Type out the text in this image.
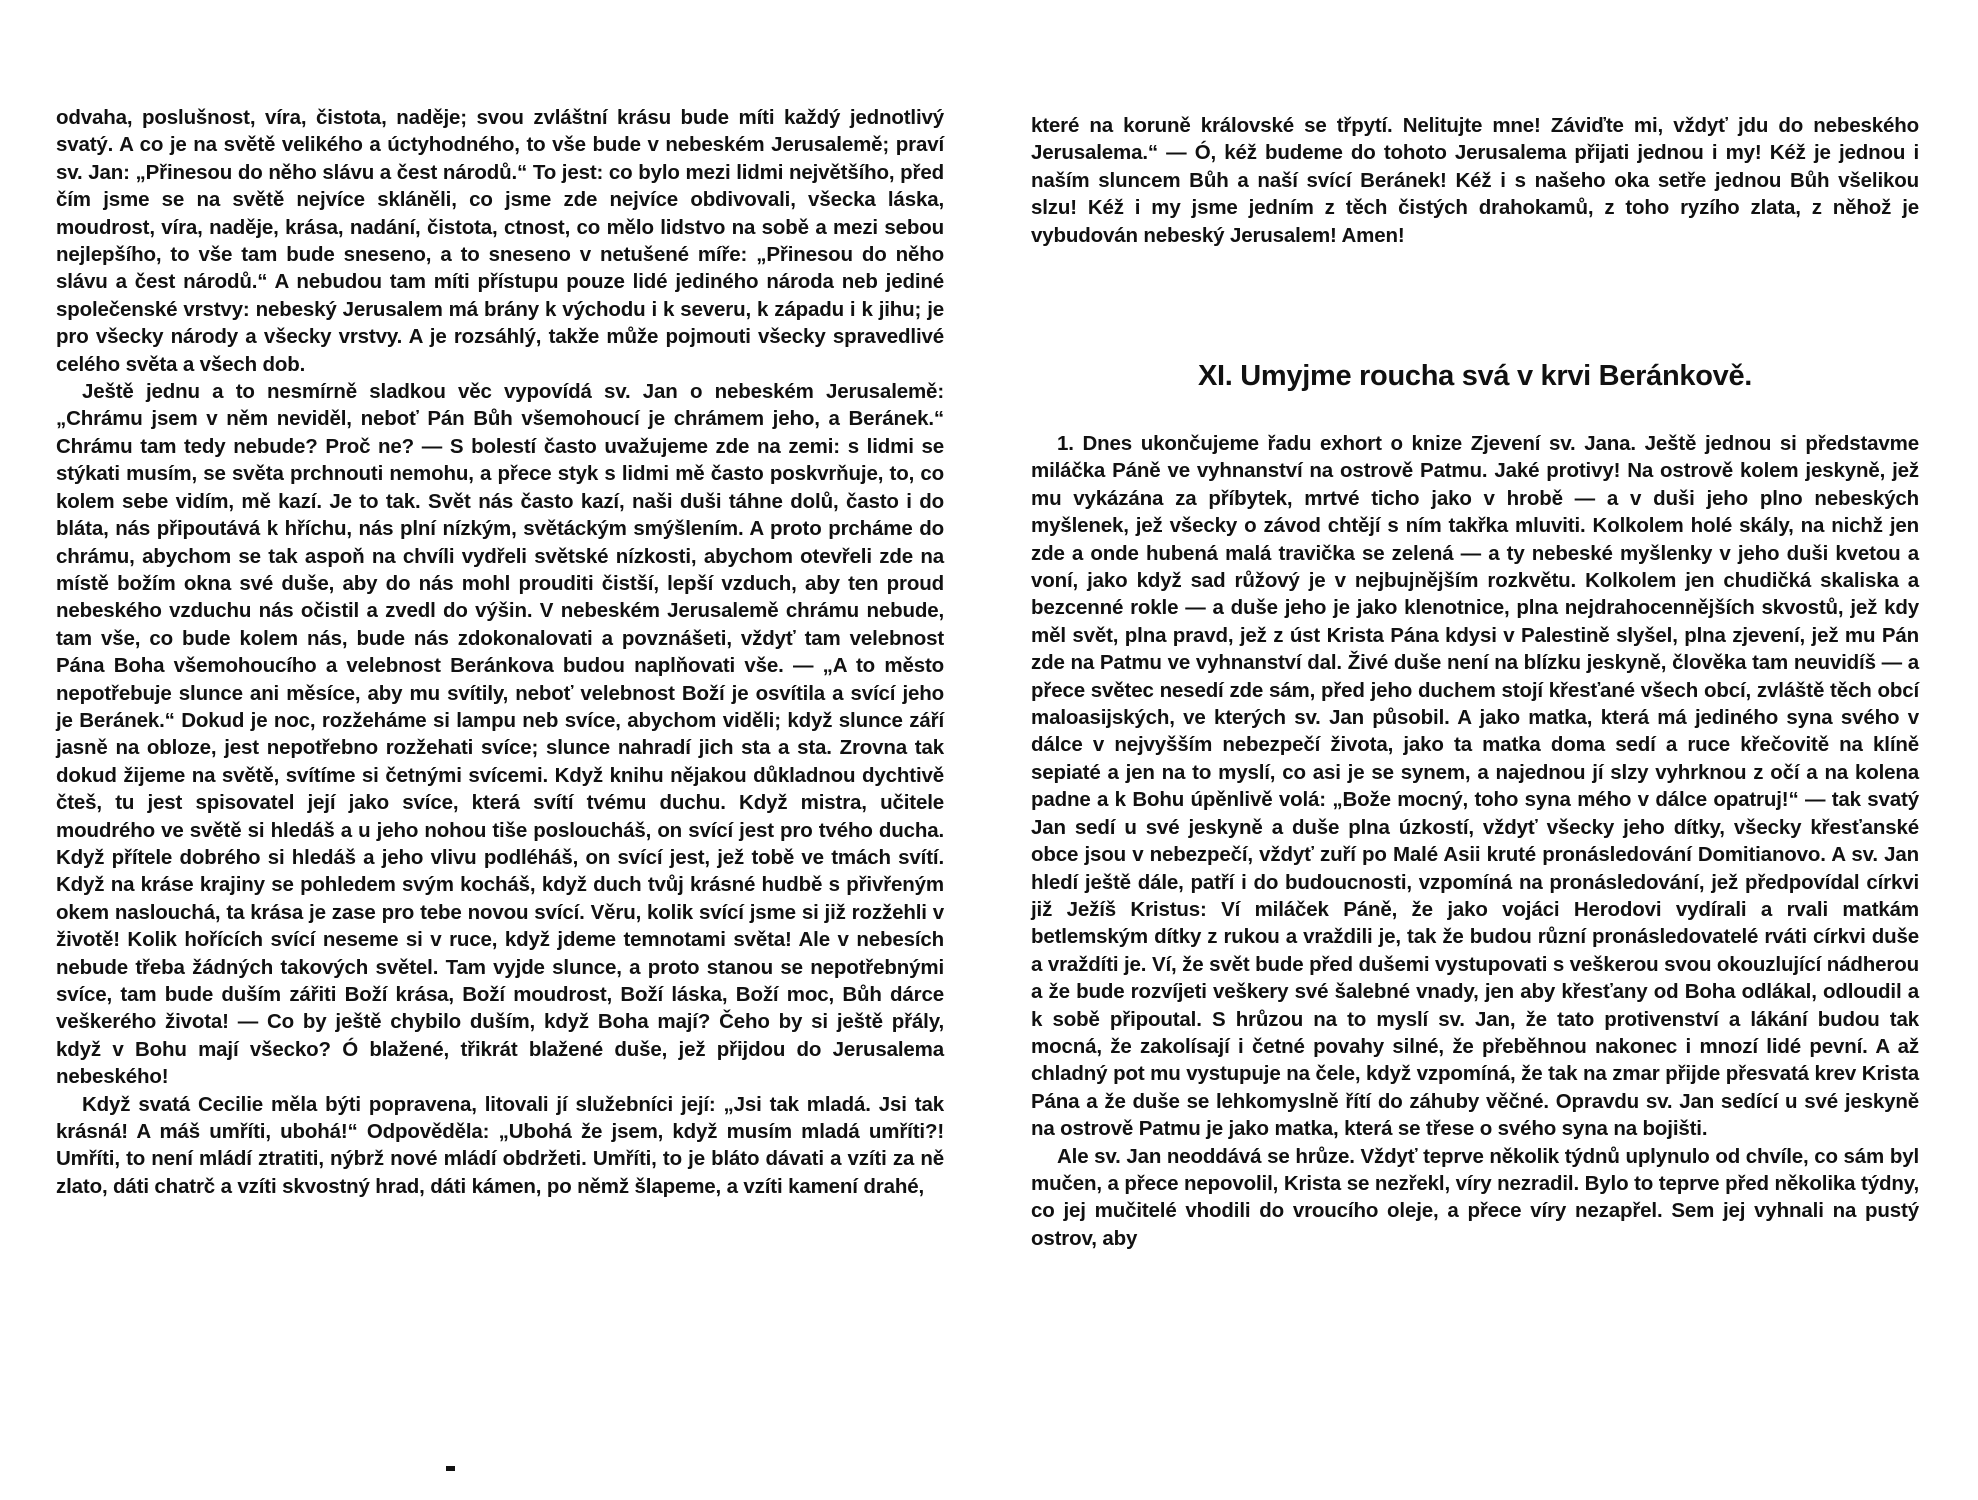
odvaha, poslušnost, víra, čistota, naděje; svou zvláštní krásu bude míti každý jednotlivý svatý. A co je na světě velikého a úctyhodného, to vše bude v nebeském Jerusalemě; praví sv. Jan: „Přinesou do něho slávu a čest národů.“ To jest: co bylo mezi lidmi největšího, před čím jsme se na světě nejvíce skláněli, co jsme zde nejvíce obdivovali, všecka láska, moudrost, víra, naděje, krása, nadání, čistota, ctnost, co mělo lidstvo na sobě a mezi sebou nejlepšího, to vše tam bude sneseno, a to sneseno v netušené míře: „Přinesou do něho slávu a čest národů.“ A nebudou tam míti přístupu pouze lidé jediného národa neb jediné společenské vrstvy: nebeský Jerusalem má brány k východu i k severu, k západu i k jihu; je pro všecky národy a všecky vrstvy. A je rozsáhlý, takže může pojmouti všecky spravedlivé celého světa a všech dob.

Ještě jednu a to nesmírně sladkou věc vypovídá sv. Jan o nebeském Jerusalemě: „Chrámu jsem v něm neviděl, neboť Pán Bůh všemohoucí je chrámem jeho, a Beránek.“ Chrámu tam tedy nebude? Proč ne? — S bolestí často uvažujeme zde na zemi: s lidmi se stýkati musím, se světa prchnouti nemohu, a přece styk s lidmi mě často poskvrňuje, to, co kolem sebe vidím, mě kazí. Je to tak. Svět nás často kazí, naši duši táhne dolů, často i do bláta, nás připoutává k hříchu, nás plní nízkým, světáckým smýšlením. A proto prcháme do chrámu, abychom se tak aspoň na chvíli vydřeli světské nízkosti, abychom otevřeli zde na místě božím okna své duše, aby do nás mohl prouditi čistší, lepší vzduch, aby ten proud nebeského vzduchu nás očistil a zvedl do výšin. V nebeském Jerusalemě chrámu nebude, tam vše, co bude kolem nás, bude nás zdokonalovati a povznášeti, vždyť tam velebnost Pána Boha všemohoucího a velebnost Beránkova budou naplňovati vše. — „A to město nepotřebuje slunce ani měsíce, aby mu svítily, neboť velebnost Boží je osvítila a svící jeho je Beránek.“ Dokud je noc, rozžeháme si lampu neb svíce, abychom viděli; když slunce září jasně na obloze, jest nepotřebno rozžehati svíce; slunce nahradí jich sta a sta. Zrovna tak dokud žijeme na světě, svítíme si četnými svícemi. Když knihu nějakou důkladnou dychtivě čteš, tu jest spisovatel její jako svíce, která svítí tvému duchu. Když mistra, učitele moudrého ve světě si hledáš a u jeho nohou tiše posloucháš, on svící jest pro tvého ducha. Když přítele dobrého si hledáš a jeho vlivu podléháš, on svící jest, jež tobě ve tmách svítí. Když na kráse krajiny se pohledem svým kocháš, když duch tvůj krásné hudbě s přivřeným okem naslouchá, ta krása je zase pro tebe novou svící. Věru, kolik svící jsme si již rozžehli v životě! Kolik hořících svící neseme si v ruce, když jdeme temnotami světa! Ale v nebesích nebude třeba žádných takových světel. Tam vyjde slunce, a proto stanou se nepotřebnými svíce, tam bude duším zářiti Boží krása, Boží moudrost, Boží láska, Boží moc, Bůh dárce veškerého života! — Co by ještě chybilo duším, když Boha mají? Čeho by si ještě přály, když v Bohu mají všecko? Ó blažené, třikrát blažené duše, jež přijdou do Jerusalema nebeského!

Když svatá Cecilie měla býti popravena, litovali jí služebníci její: „Jsi tak mladá. Jsi tak krásná! A máš umříti, ubohá!“ Odpověděla: „Ubohá že jsem, když musím mladá umříti?! Umříti, to není mládí ztratiti, nýbrž nové mládí obdržeti. Umříti, to je bláto dávati a vzíti za ně zlato, dáti chatrč a vzíti skvostný hrad, dáti kámen, po němž šlapeme, a vzíti kamení drahé,

které na koruně královské se třpytí. Nelitujte mne! Záviďte mi, vždyť jdu do nebeského Jerusalema.“ — Ó, kéž budeme do tohoto Jerusalema přijati jednou i my! Kéž je jednou i naším sluncem Bůh a naší svící Beránek! Kéž i s našeho oka setře jednou Bůh všelikou slzu! Kéž i my jsme jedním z těch čistých drahokamů, z toho ryzího zlata, z něhož je vybudován nebeský Jerusalem! Amen!

XI. Umyjme roucha svá v krvi Beránkově.

1. Dnes ukončujeme řadu exhort o knize Zjevení sv. Jana. Ještě jednou si představme miláčka Páně ve vyhnanství na ostrově Patmu. Jaké protivy! Na ostrově kolem jeskyně, jež mu vykázána za příbytek, mrtvé ticho jako v hrobě — a v duši jeho plno nebeských myšlenek, jež všecky o závod chtějí s ním takřka mluviti. Kolkolem holé skály, na nichž jen zde a onde hubená malá travička se zelená — a ty nebeské myšlenky v jeho duši kvetou a voní, jako když sad růžový je v nejbujnějším rozkvětu. Kolkolem jen chudičká skaliska a bezcenné rokle — a duše jeho je jako klenotnice, plna nejdrahocennějších skvostů, jež kdy měl svět, plna pravd, jež z úst Krista Pána kdysi v Palestině slyšel, plna zjevení, jež mu Pán zde na Patmu ve vyhnanství dal. Živé duše není na blízku jeskyně, člověka tam neuvidíš — a přece světec nesedí zde sám, před jeho duchem stojí křesťané všech obcí, zvláště těch obcí maloasijských, ve kterých sv. Jan působil. A jako matka, která má jediného syna svého v dálce v nejvyšším nebezpečí života, jako ta matka doma sedí a ruce křečovitě na klíně sepiaté a jen na to myslí, co asi je se synem, a najednou jí slzy vyhrknou z očí a na kolena padne a k Bohu úpěnlivě volá: „Bože mocný, toho syna mého v dálce opatruj!“ — tak svatý Jan sedí u své jeskyně a duše plna úzkostí, vždyť všecky jeho dítky, všecky křesťanské obce jsou v nebezpečí, vždyť zuří po Malé Asii kruté pronásledování Domitianovo. A sv. Jan hledí ještě dále, patří i do budoucnosti, vzpomíná na pronásledování, jež předpovídal církvi již Ježíš Kristus: Ví miláček Páně, že jako vojáci Herodovi vydírali a rvali matkám betlemským dítky z rukou a vraždili je, tak že budou různí pronásledovatelé rváti církvi duše a vraždíti je. Ví, že svět bude před dušemi vystupovati s veškerou svou okouzlující nádherou a že bude rozvíjeti veškery své šalebné vnady, jen aby křesťany od Boha odlákal, odloudil a k sobě připoutal. S hrůzou na to myslí sv. Jan, že tato protivenství a lákání budou tak mocná, že zakolísají i četné povahy silné, že přeběhnou nakonec i mnozí lidé pevní. A až chladný pot mu vystupuje na čele, když vzpomíná, že tak na zmar přijde přesvatá krev Krista Pána a že duše se lehkomyslně řítí do záhuby věčné. Opravdu sv. Jan sedící u své jeskyně na ostrově Patmu je jako matka, která se třese o svého syna na bojišti.

Ale sv. Jan neoddává se hrůze. Vždyť teprve několik týdnů uplynulo od chvíle, co sám byl mučen, a přece nepovolil, Krista se nezřekl, víry nezradil. Bylo to teprve před několika týdny, co jej mučitelé vhodili do vroucího oleje, a přece víry nezapřel. Sem jej vyhnali na pustý ostrov, aby
